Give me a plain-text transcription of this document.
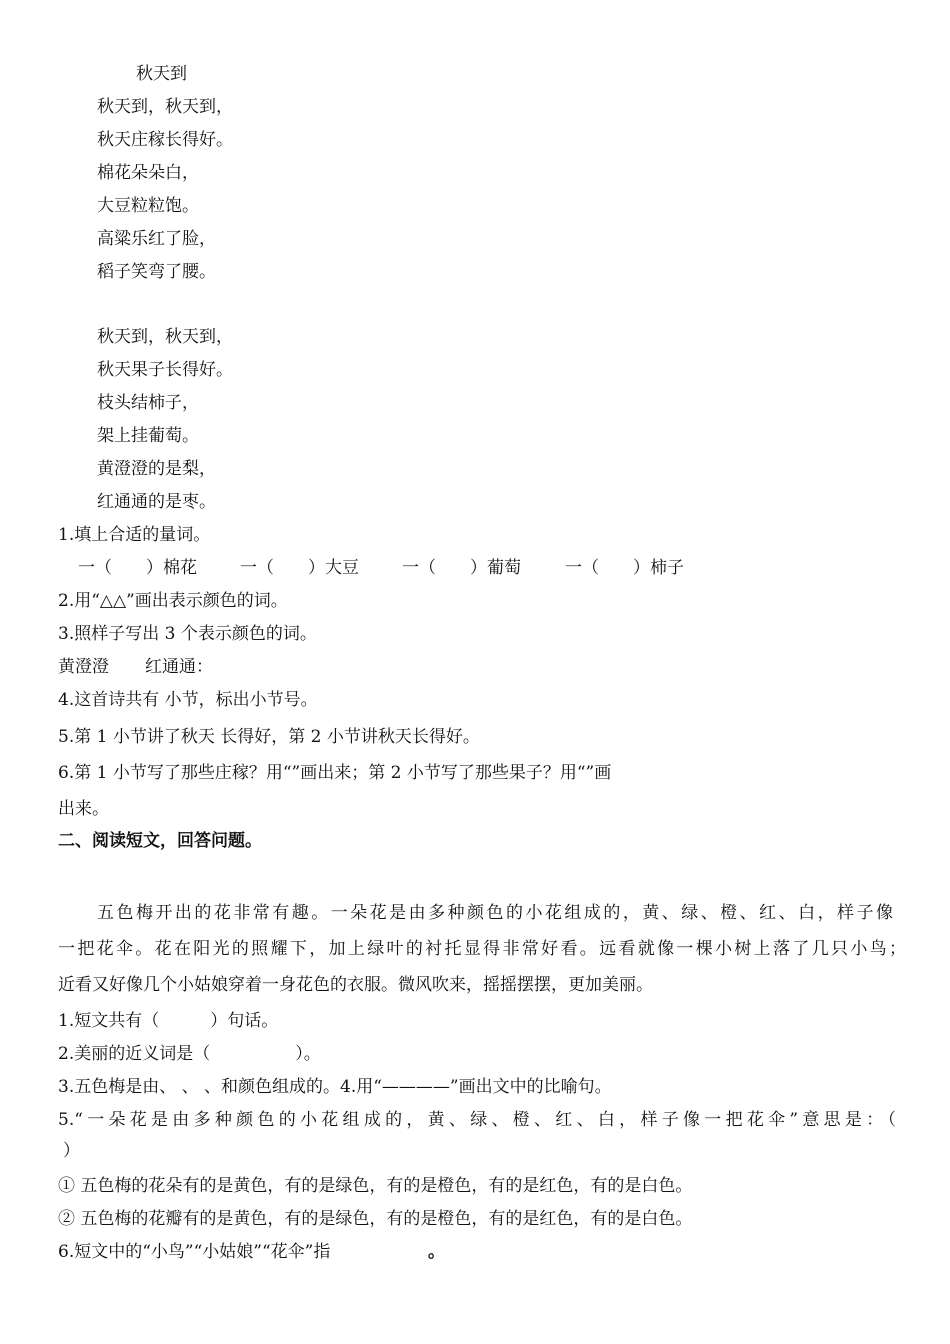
秋天到
秋天到，秋天到，
秋天庄稼长得好。
棉花朵朵白，
大豆粒粒饱。
高粱乐红了脸，
稻子笑弯了腰。
秋天到，秋天到，
秋天果子长得好。
枝头结柿子，
架上挂葡萄。
黄澄澄的是梨，
红通通的是枣。
1.填上合适的量词。
一（　　）棉花	一（　　）大豆	一（　　）葡萄	一（　　）柿子
2.用“△△”画出表示颜色的词。
3.照样子写出 3 个表示颜色的词。
黄澄澄 红通通：
4.这首诗共有 小节，标出小节号。
5.第 1 小节讲了秋天 长得好，第 2 小节讲秋天长得好。
6.第 1 小节写了那些庄稼？用“”画出来；第 2 小节写了那些果子？用“”画
出来。
二、阅读短文，回答问题。
五色梅开出的花非常有趣。一朵花是由多种颜色的小花组成的，黄、绿、橙、红、白，样子像
一把花伞。花在阳光的照耀下，加上绿叶的衬托显得非常好看。远看就像一棵小树上落了几只小鸟；
近看又好像几个小姑娘穿着一身花色的衣服。微风吹来，摇摇摆摆，更加美丽。
1.短文共有（　　　）句话。
2.美丽的近义词是（　　　　　）。
3.五色梅是由、 、 、和颜色组成的。4.用“————”画出文中的比喻句。
5.“一朵花是由多种颜色的小花组成的，黄、绿、橙、红、白，样子像一把花伞”意思是：（
）
① 五色梅的花朵有的是黄色，有的是绿色，有的是橙色，有的是红色，有的是白色。
② 五色梅的花瓣有的是黄色，有的是绿色，有的是橙色，有的是红色，有的是白色。
6.短文中的“小鸟”“小姑娘”“花伞”指	。
